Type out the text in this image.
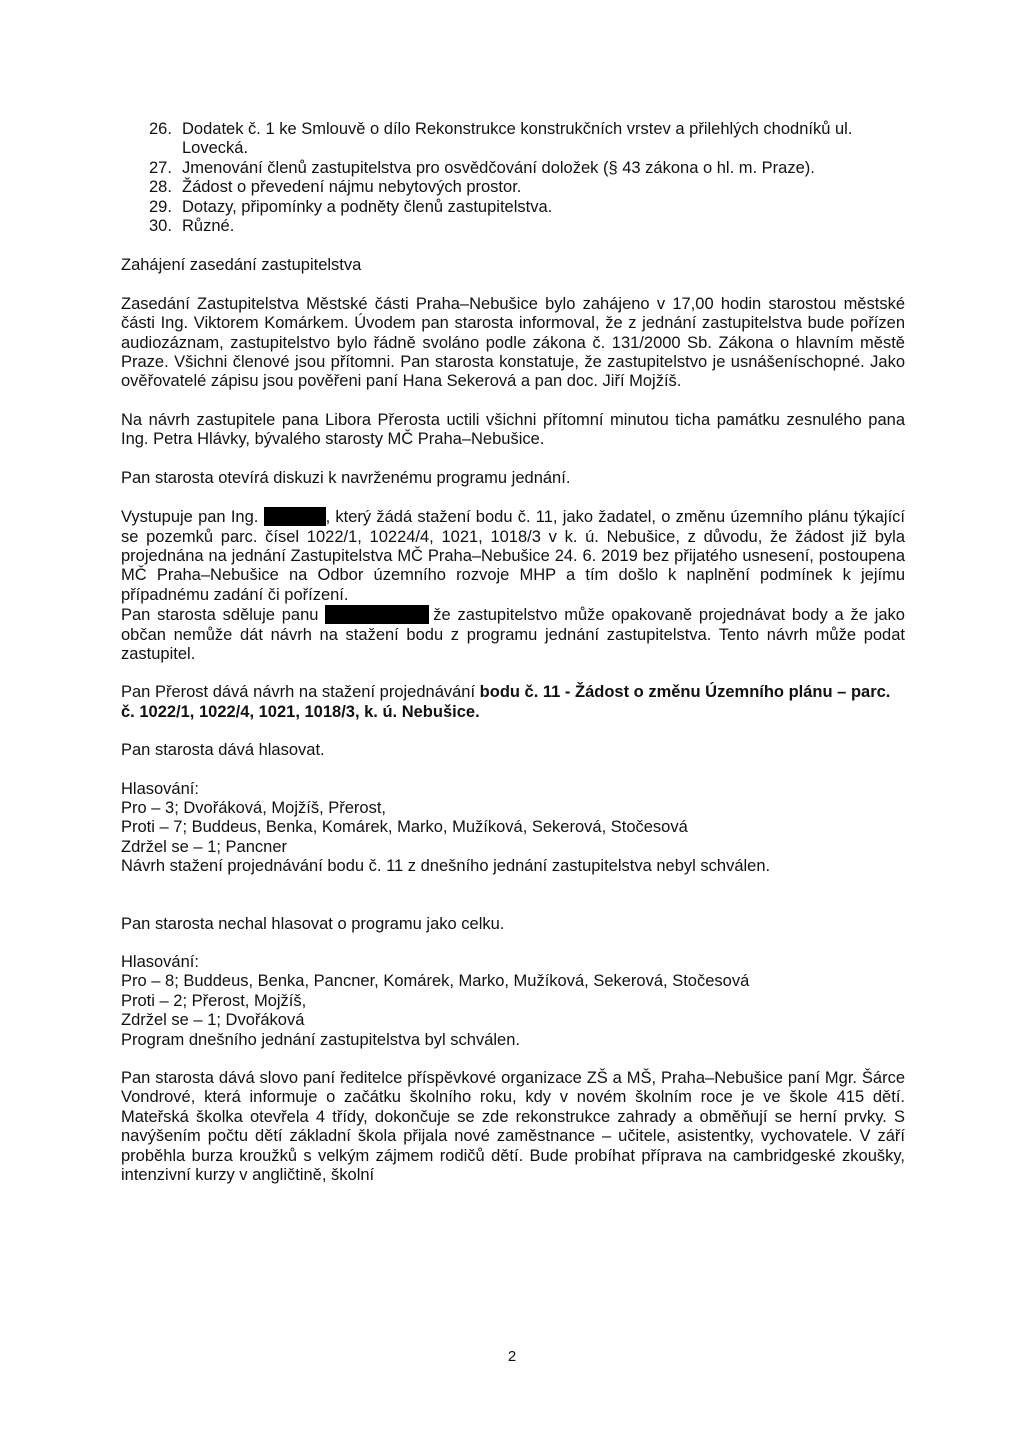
26. Dodatek č. 1 ke Smlouvě o dílo Rekonstrukce konstrukčních vrstev a přilehlých chodníků ul. Lovecká.
27. Jmenování členů zastupitelstva pro osvědčování doložek (§ 43 zákona o hl. m. Praze).
28. Žádost o převedení nájmu nebytových prostor.
29. Dotazy, připomínky a podněty členů zastupitelstva.
30. Různé.

Zahájení zasedání zastupitelstva

Zasedání Zastupitelstva Městské části Praha–Nebušice bylo zahájeno v 17,00 hodin starostou městské části Ing. Viktorem Komárkem. Úvodem pan starosta informoval, že z jednání zastupitelstva bude pořízen audiozáznam, zastupitelstvo bylo řádně svoláno podle zákona č. 131/2000 Sb. Zákona o hlavním městě Praze. Všichni členové jsou přítomni. Pan starosta konstatuje, že zastupitelstvo je usnášeníschopné. Jako ověřovatelé zápisu jsou pověřeni paní Hana Sekerová a pan doc. Jiří Mojžíš.

Na návrh zastupitele pana Libora Přerosta uctili všichni přítomní minutou ticha památku zesnulého pana Ing. Petra Hlávky, bývalého starosty MČ Praha–Nebušice.

Pan starosta otevírá diskuzi k navrženému programu jednání.

Vystupuje pan Ing.	, který žádá stažení bodu č. 11, jako žadatel, o změnu územního plánu týkající se pozemků parc. čísel 1022/1, 10224/4, 1021, 1018/3 v k. ú. Nebušice, z důvodu, že žádost již byla projednána na jednání Zastupitelstva MČ Praha–Nebušice 24. 6. 2019 bez přijatého usnesení, postoupena MČ Praha–Nebušice na Odbor územního rozvoje MHP a tím došlo k naplnění podmínek k jejímu případnému zadání či pořízení.

Pan starosta sděluje panu	že zastupitelstvo může opakovaně projednávat body a že jako občan nemůže dát návrh na stažení bodu z programu jednání zastupitelstva. Tento návrh může podat zastupitel.

Pan Přerost dává návrh na stažení projednávání bodu č. 11 - Žádost o změnu Územního plánu – parc. č. 1022/1, 1022/4, 1021, 1018/3, k. ú. Nebušice.

Pan starosta dává hlasovat.

Hlasování:
Pro – 3; Dvořáková, Mojžíš, Přerost,
Proti – 7; Buddeus, Benka, Komárek, Marko, Mužíková, Sekerová, Stočesová
Zdržel se – 1; Pancner
Návrh stažení projednávání bodu č. 11 z dnešního jednání zastupitelstva nebyl schválen.

Pan starosta nechal hlasovat o programu jako celku.

Hlasování:
Pro – 8; Buddeus, Benka, Pancner, Komárek, Marko, Mužíková, Sekerová, Stočesová
Proti – 2; Přerost, Mojžíš,
Zdržel se – 1; Dvořáková
Program dnešního jednání zastupitelstva byl schválen.

Pan starosta dává slovo paní ředitelce příspěvkové organizace ZŠ a MŠ, Praha–Nebušice paní Mgr. Šárce Vondrové, která informuje o začátku školního roku, kdy v novém školním roce je ve škole 415 dětí. Mateřská školka otevřela 4 třídy, dokončuje se zde rekonstrukce zahrady a obměňují se herní prvky. S navýšením počtu dětí základní škola přijala nové zaměstnance – učitele, asistentky, vychovatele. V září proběhla burza kroužků s velkým zájmem rodičů dětí. Bude probíhat příprava na cambridgeské zkoušky, intenzivní kurzy v angličtině, školní

2
